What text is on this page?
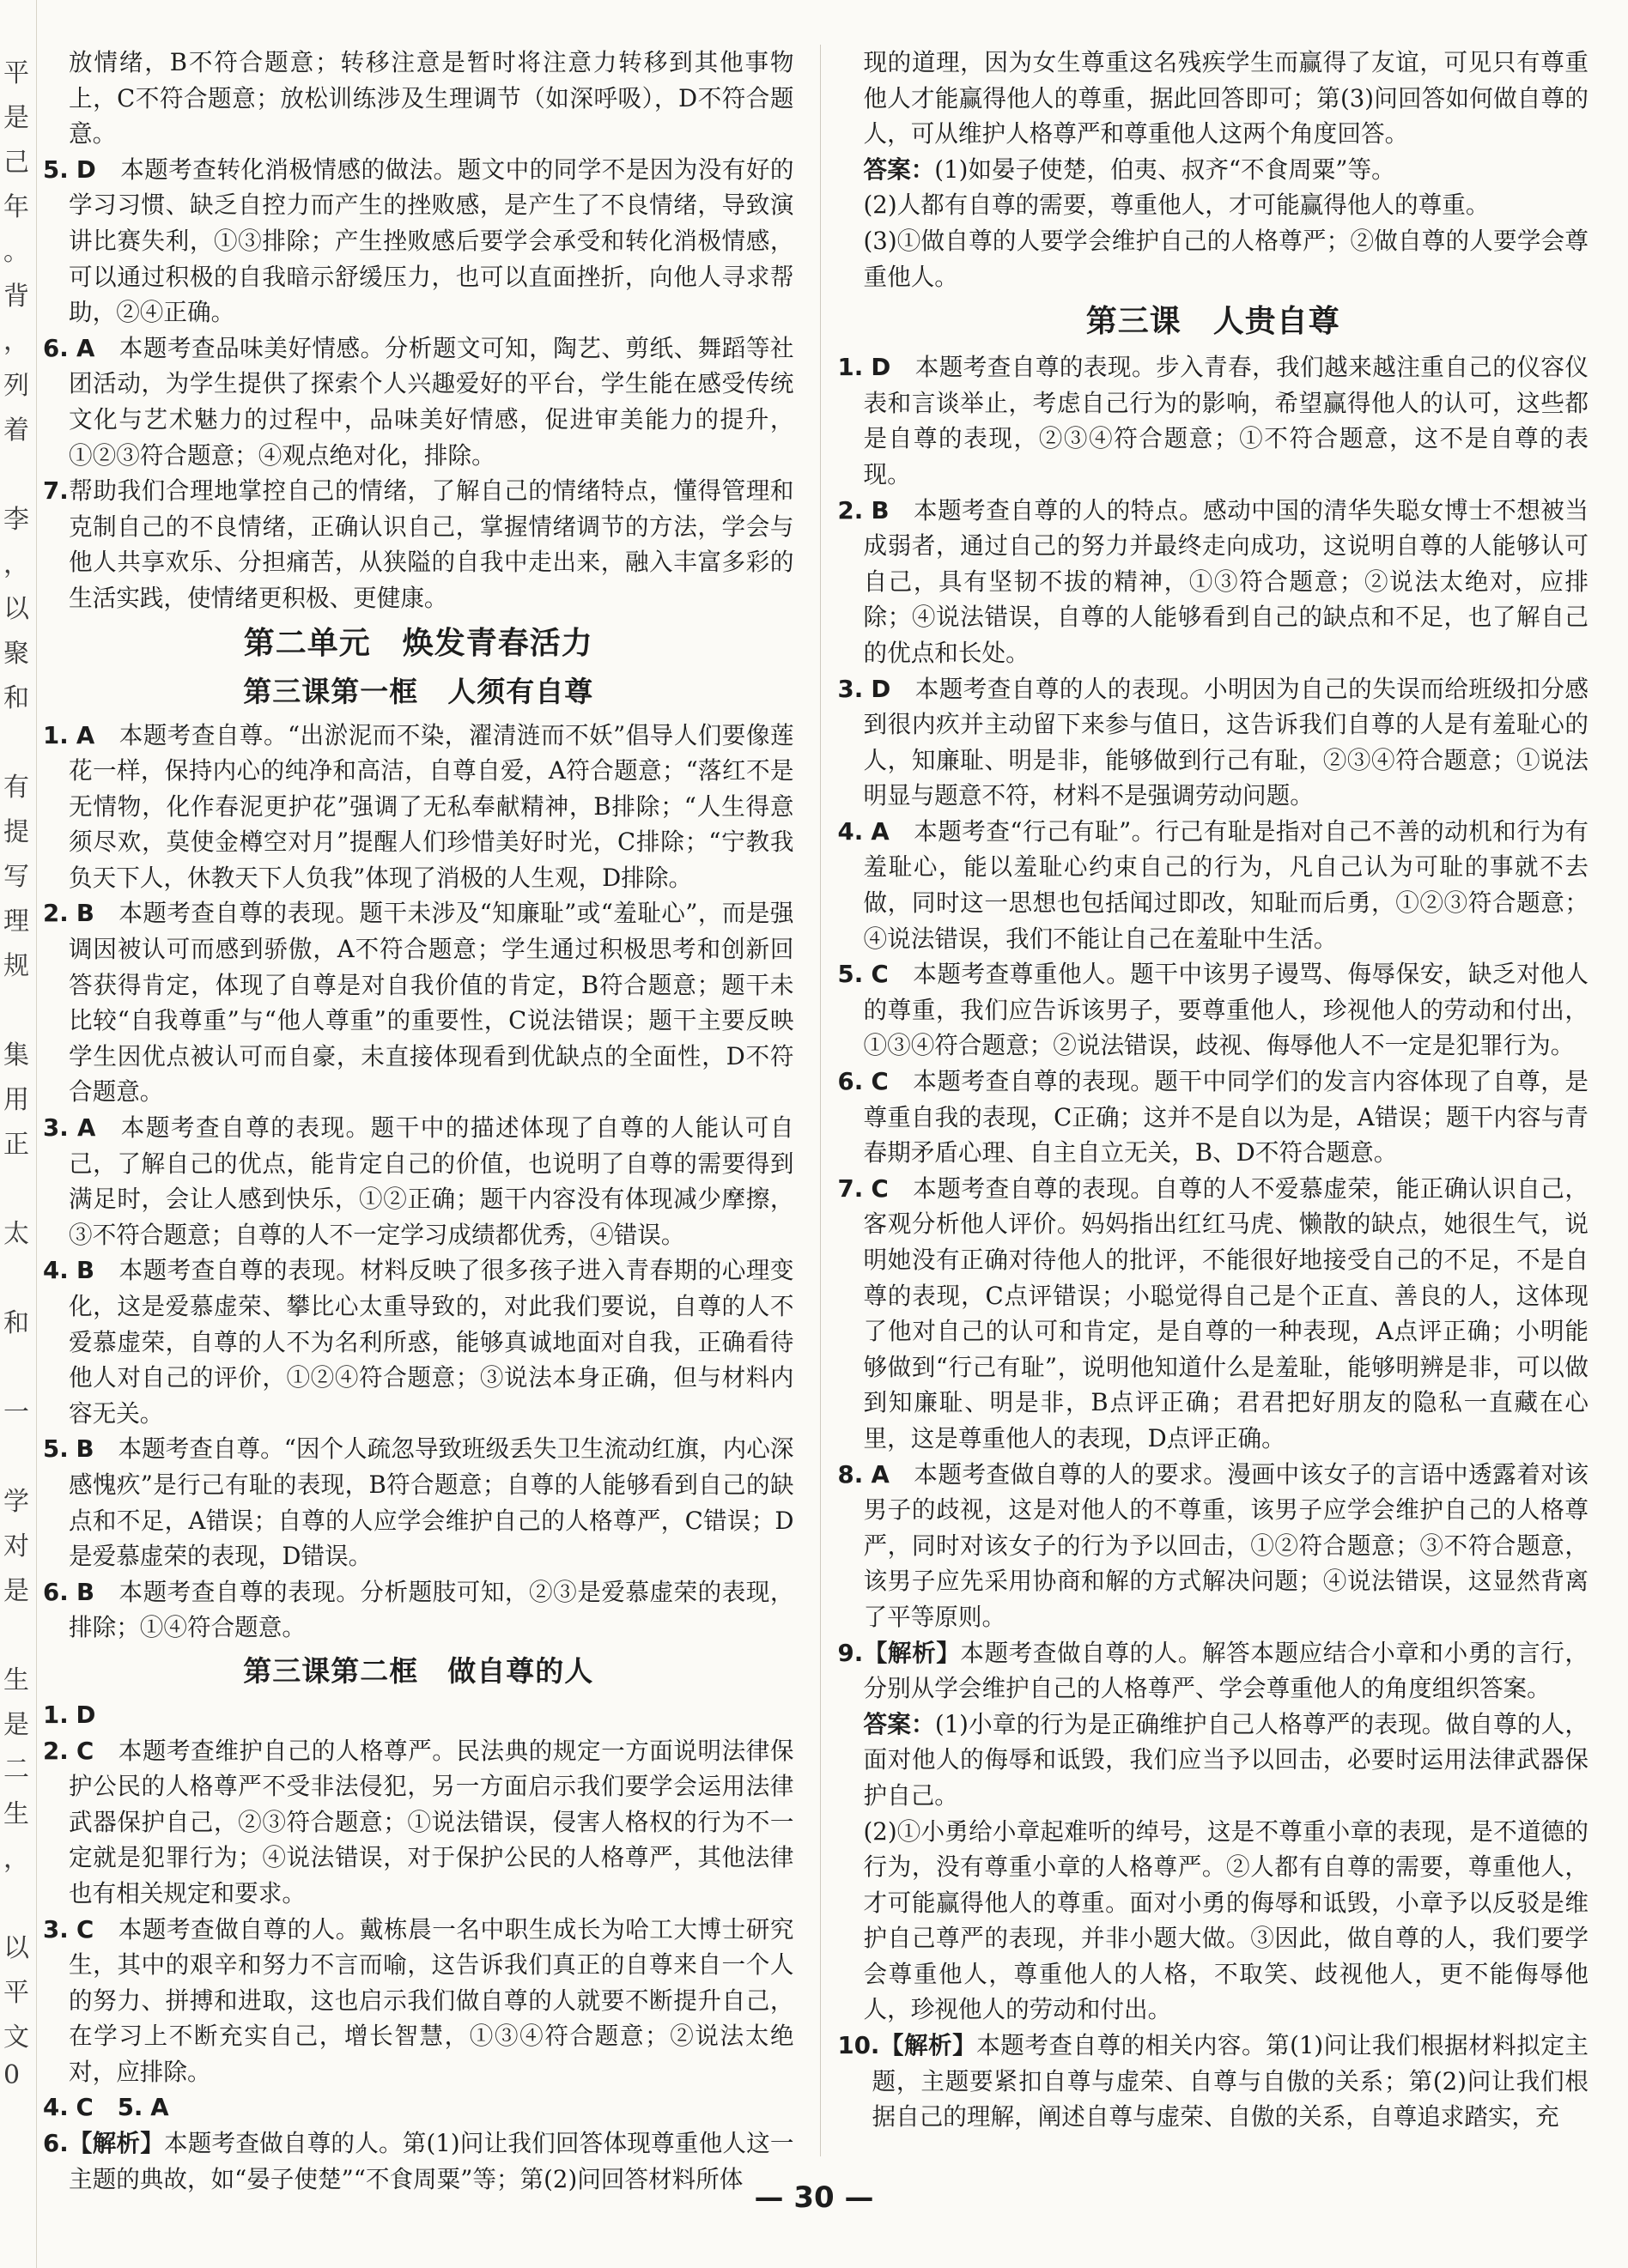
平
是
己
年
。
背
，
列
着
李
，
以
聚
和
有
提
写
理
规
集
用
正
太
和
一
学
对
是
生
是
二
生
，
以
平
文
0

放情绪，B不符合题意；转移注意是暂时将注意力转移到其他事物上，C不符合题意；放松训练涉及生理调节（如深呼吸），D不符合题意。

5. D 本题考查转化消极情感的做法。题文中的同学不是因为没有好的学习习惯、缺乏自控力而产生的挫败感，是产生了不良情绪，导致演讲比赛失利，①③排除；产生挫败感后要学会承受和转化消极情感，可以通过积极的自我暗示舒缓压力，也可以直面挫折，向他人寻求帮助，②④正确。

6. A 本题考查品味美好情感。分析题文可知，陶艺、剪纸、舞蹈等社团活动，为学生提供了探索个人兴趣爱好的平台，学生能在感受传统文化与艺术魅力的过程中，品味美好情感，促进审美能力的提升，①②③符合题意；④观点绝对化，排除。

7.帮助我们合理地掌控自己的情绪，了解自己的情绪特点，懂得管理和克制自己的不良情绪，正确认识自己，掌握情绪调节的方法，学会与他人共享欢乐、分担痛苦，从狭隘的自我中走出来，融入丰富多彩的生活实践，使情绪更积极、更健康。

第二单元　焕发青春活力
第三课第一框　人须有自尊

1. A 本题考查自尊。“出淤泥而不染，濯清涟而不妖”倡导人们要像莲花一样，保持内心的纯净和高洁，自尊自爱，A符合题意；“落红不是无情物，化作春泥更护花”强调了无私奉献精神，B排除；“人生得意须尽欢，莫使金樽空对月”提醒人们珍惜美好时光，C排除；“宁教我负天下人，休教天下人负我”体现了消极的人生观，D排除。

2. B 本题考查自尊的表现。题干未涉及“知廉耻”或“羞耻心”，而是强调因被认可而感到骄傲，A不符合题意；学生通过积极思考和创新回答获得肯定，体现了自尊是对自我价值的肯定，B符合题意；题干未比较“自我尊重”与“他人尊重”的重要性，C说法错误；题干主要反映学生因优点被认可而自豪，未直接体现看到优缺点的全面性，D不符合题意。

3. A 本题考查自尊的表现。题干中的描述体现了自尊的人能认可自己，了解自己的优点，能肯定自己的价值，也说明了自尊的需要得到满足时，会让人感到快乐，①②正确；题干内容没有体现减少摩擦，③不符合题意；自尊的人不一定学习成绩都优秀，④错误。

4. B 本题考查自尊的表现。材料反映了很多孩子进入青春期的心理变化，这是爱慕虚荣、攀比心太重导致的，对此我们要说，自尊的人不爱慕虚荣，自尊的人不为名利所惑，能够真诚地面对自我，正确看待他人对自己的评价，①②④符合题意；③说法本身正确，但与材料内容无关。

5. B 本题考查自尊。“因个人疏忽导致班级丢失卫生流动红旗，内心深感愧疚”是行己有耻的表现，B符合题意；自尊的人能够看到自己的缺点和不足，A错误；自尊的人应学会维护自己的人格尊严，C错误；D是爱慕虚荣的表现，D错误。

6. B 本题考查自尊的表现。分析题肢可知，②③是爱慕虚荣的表现，排除；①④符合题意。

第三课第二框　做自尊的人

1. D

2. C 本题考查维护自己的人格尊严。民法典的规定一方面说明法律保护公民的人格尊严不受非法侵犯，另一方面启示我们要学会运用法律武器保护自己，②③符合题意；①说法错误，侵害人格权的行为不一定就是犯罪行为；④说法错误，对于保护公民的人格尊严，其他法律也有相关规定和要求。

3. C 本题考查做自尊的人。戴栋晨一名中职生成长为哈工大博士研究生，其中的艰辛和努力不言而喻，这告诉我们真正的自尊来自一个人的努力、拼搏和进取，这也启示我们做自尊的人就要不断提升自己，在学习上不断充实自己，增长智慧，①③④符合题意；②说法太绝对，应排除。

4. C 5. A

6.【解析】本题考查做自尊的人。第(1)问让我们回答体现尊重他人这一主题的典故，如“晏子使楚”“不食周粟”等；第(2)问回答材料所体

现的道理，因为女生尊重这名残疾学生而赢得了友谊，可见只有尊重他人才能赢得他人的尊重，据此回答即可；第(3)问回答如何做自尊的人，可从维护人格尊严和尊重他人这两个角度回答。

答案：(1)如晏子使楚，伯夷、叔齐“不食周粟”等。

(2)人都有自尊的需要，尊重他人，才可能赢得他人的尊重。

(3)①做自尊的人要学会维护自己的人格尊严；②做自尊的人要学会尊重他人。

第三课　人贵自尊

1. D 本题考查自尊的表现。步入青春，我们越来越注重自己的仪容仪表和言谈举止，考虑自己行为的影响，希望赢得他人的认可，这些都是自尊的表现，②③④符合题意；①不符合题意，这不是自尊的表现。

2. B 本题考查自尊的人的特点。感动中国的清华失聪女博士不想被当成弱者，通过自己的努力并最终走向成功，这说明自尊的人能够认可自己，具有坚韧不拔的精神，①③符合题意；②说法太绝对，应排除；④说法错误，自尊的人能够看到自己的缺点和不足，也了解自己的优点和长处。

3. D 本题考查自尊的人的表现。小明因为自己的失误而给班级扣分感到很内疚并主动留下来参与值日，这告诉我们自尊的人是有羞耻心的人，知廉耻、明是非，能够做到行己有耻，②③④符合题意；①说法明显与题意不符，材料不是强调劳动问题。

4. A 本题考查“行己有耻”。行己有耻是指对自己不善的动机和行为有羞耻心，能以羞耻心约束自己的行为，凡自己认为可耻的事就不去做，同时这一思想也包括闻过即改，知耻而后勇，①②③符合题意；④说法错误，我们不能让自己在羞耻中生活。

5. C 本题考查尊重他人。题干中该男子谩骂、侮辱保安，缺乏对他人的尊重，我们应告诉该男子，要尊重他人，珍视他人的劳动和付出，①③④符合题意；②说法错误，歧视、侮辱他人不一定是犯罪行为。

6. C 本题考查自尊的表现。题干中同学们的发言内容体现了自尊，是尊重自我的表现，C正确；这并不是自以为是，A错误；题干内容与青春期矛盾心理、自主自立无关，B、D不符合题意。

7. C 本题考查自尊的表现。自尊的人不爱慕虚荣，能正确认识自己，客观分析他人评价。妈妈指出红红马虎、懒散的缺点，她很生气，说明她没有正确对待他人的批评，不能很好地接受自己的不足，不是自尊的表现，C点评错误；小聪觉得自己是个正直、善良的人，这体现了他对自己的认可和肯定，是自尊的一种表现，A点评正确；小明能够做到“行己有耻”，说明他知道什么是羞耻，能够明辨是非，可以做到知廉耻、明是非，B点评正确；君君把好朋友的隐私一直藏在心里，这是尊重他人的表现，D点评正确。

8. A 本题考查做自尊的人的要求。漫画中该女子的言语中透露着对该男子的歧视，这是对他人的不尊重，该男子应学会维护自己的人格尊严，同时对该女子的行为予以回击，①②符合题意；③不符合题意，该男子应先采用协商和解的方式解决问题；④说法错误，这显然背离了平等原则。

9.【解析】本题考查做自尊的人。解答本题应结合小章和小勇的言行，分别从学会维护自己的人格尊严、学会尊重他人的角度组织答案。

答案：(1)小章的行为是正确维护自己人格尊严的表现。做自尊的人，面对他人的侮辱和诋毁，我们应当予以回击，必要时运用法律武器保护自己。

(2)①小勇给小章起难听的绰号，这是不尊重小章的表现，是不道德的行为，没有尊重小章的人格尊严。②人都有自尊的需要，尊重他人，才可能赢得他人的尊重。面对小勇的侮辱和诋毁，小章予以反驳是维护自己尊严的表现，并非小题大做。③因此，做自尊的人，我们要学会尊重他人，尊重他人的人格，不取笑、歧视他人，更不能侮辱他人，珍视他人的劳动和付出。

10.【解析】本题考查自尊的相关内容。第(1)问让我们根据材料拟定主题，主题要紧扣自尊与虚荣、自尊与自傲的关系；第(2)问让我们根据自己的理解，阐述自尊与虚荣、自傲的关系，自尊追求踏实，充

— 30 —
